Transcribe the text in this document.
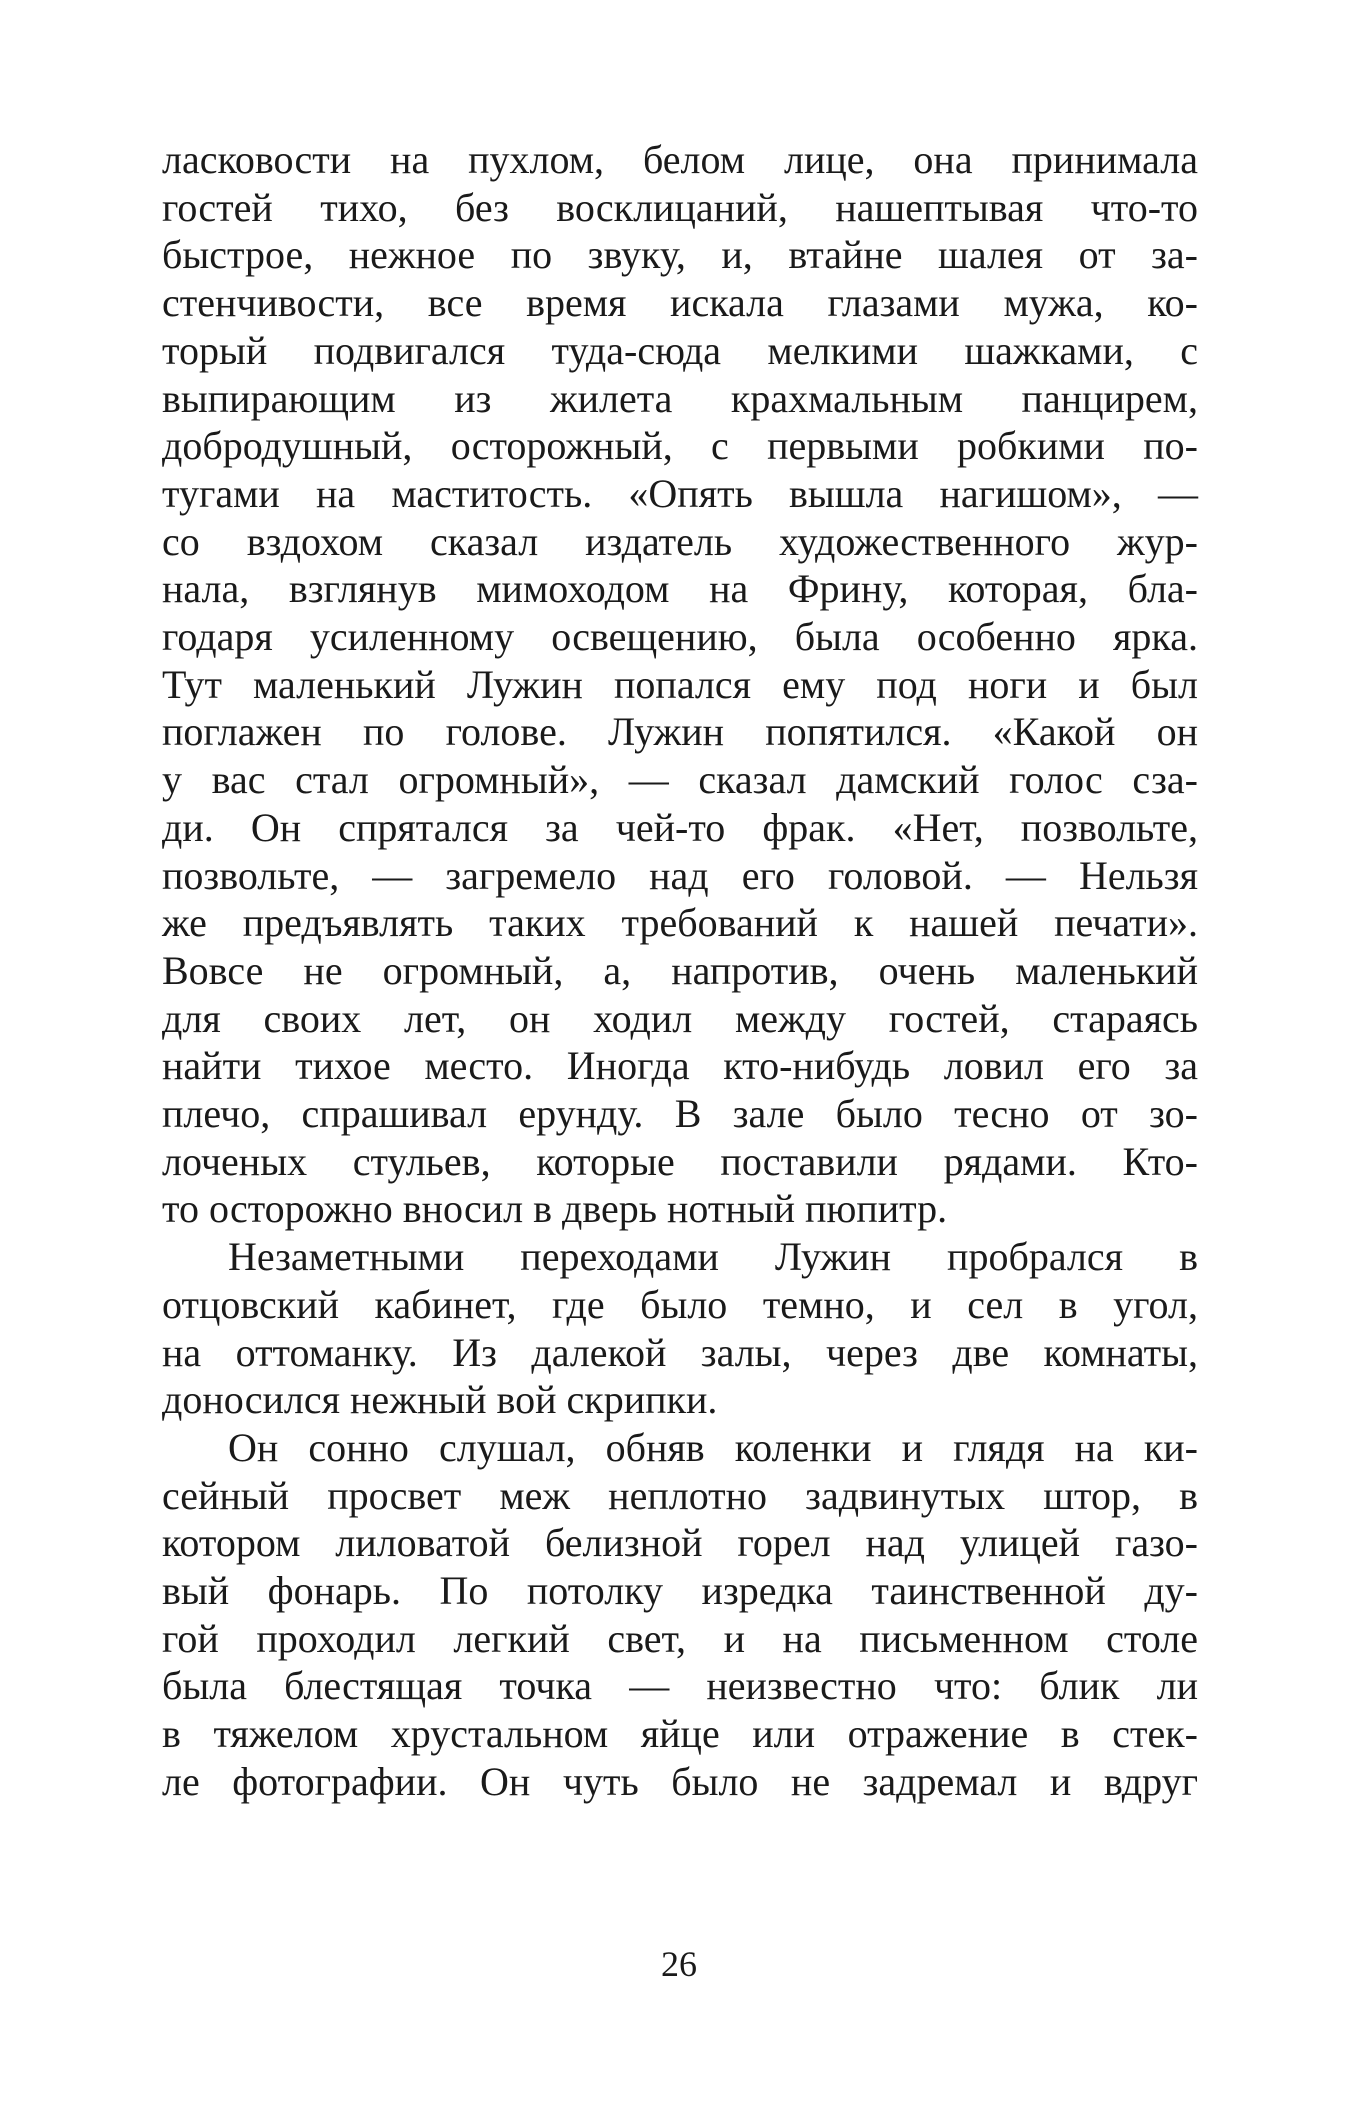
ласковости на пухлом, белом лице, она принимала
гостей тихо, без восклицаний, нашептывая что-то
быстрое, нежное по звуку, и, втайне шалея от за-
стенчивости, все время искала глазами мужа, ко-
торый подвигался туда-сюда мелкими шажками, с
выпирающим из жилета крахмальным панцирем,
добродушный, осторожный, с первыми робкими по-
тугами на маститость. «Опять вышла нагишом», —
со вздохом сказал издатель художественного жур-
нала, взглянув мимоходом на Фрину, которая, бла-
годаря усиленному освещению, была особенно ярка.
Тут маленький Лужин попался ему под ноги и был
поглажен по голове. Лужин попятился. «Какой он
у вас стал огромный», — сказал дамский голос сза-
ди. Он спрятался за чей-то фрак. «Нет, позвольте,
позвольте, — загремело над его головой. — Нельзя
же предъявлять таких требований к нашей печати».
Вовсе не огромный, а, напротив, очень маленький
для своих лет, он ходил между гостей, стараясь
найти тихое место. Иногда кто-нибудь ловил его за
плечо, спрашивал ерунду. В зале было тесно от зо-
лоченых стульев, которые поставили рядами. Кто-
то осторожно вносил в дверь нотный пюпитр.
Незаметными переходами Лужин пробрался в
отцовский кабинет, где было темно, и сел в угол,
на оттоманку. Из далекой залы, через две комнаты,
доносился нежный вой скрипки.
Он сонно слушал, обняв коленки и глядя на ки-
сейный просвет меж неплотно задвинутых штор, в
котором лиловатой белизной горел над улицей газо-
вый фонарь. По потолку изредка таинственной ду-
гой проходил легкий свет, и на письменном столе
была блестящая точка — неизвестно что: блик ли
в тяжелом хрустальном яйце или отражение в стек-
ле фотографии. Он чуть было не задремал и вдруг
26
